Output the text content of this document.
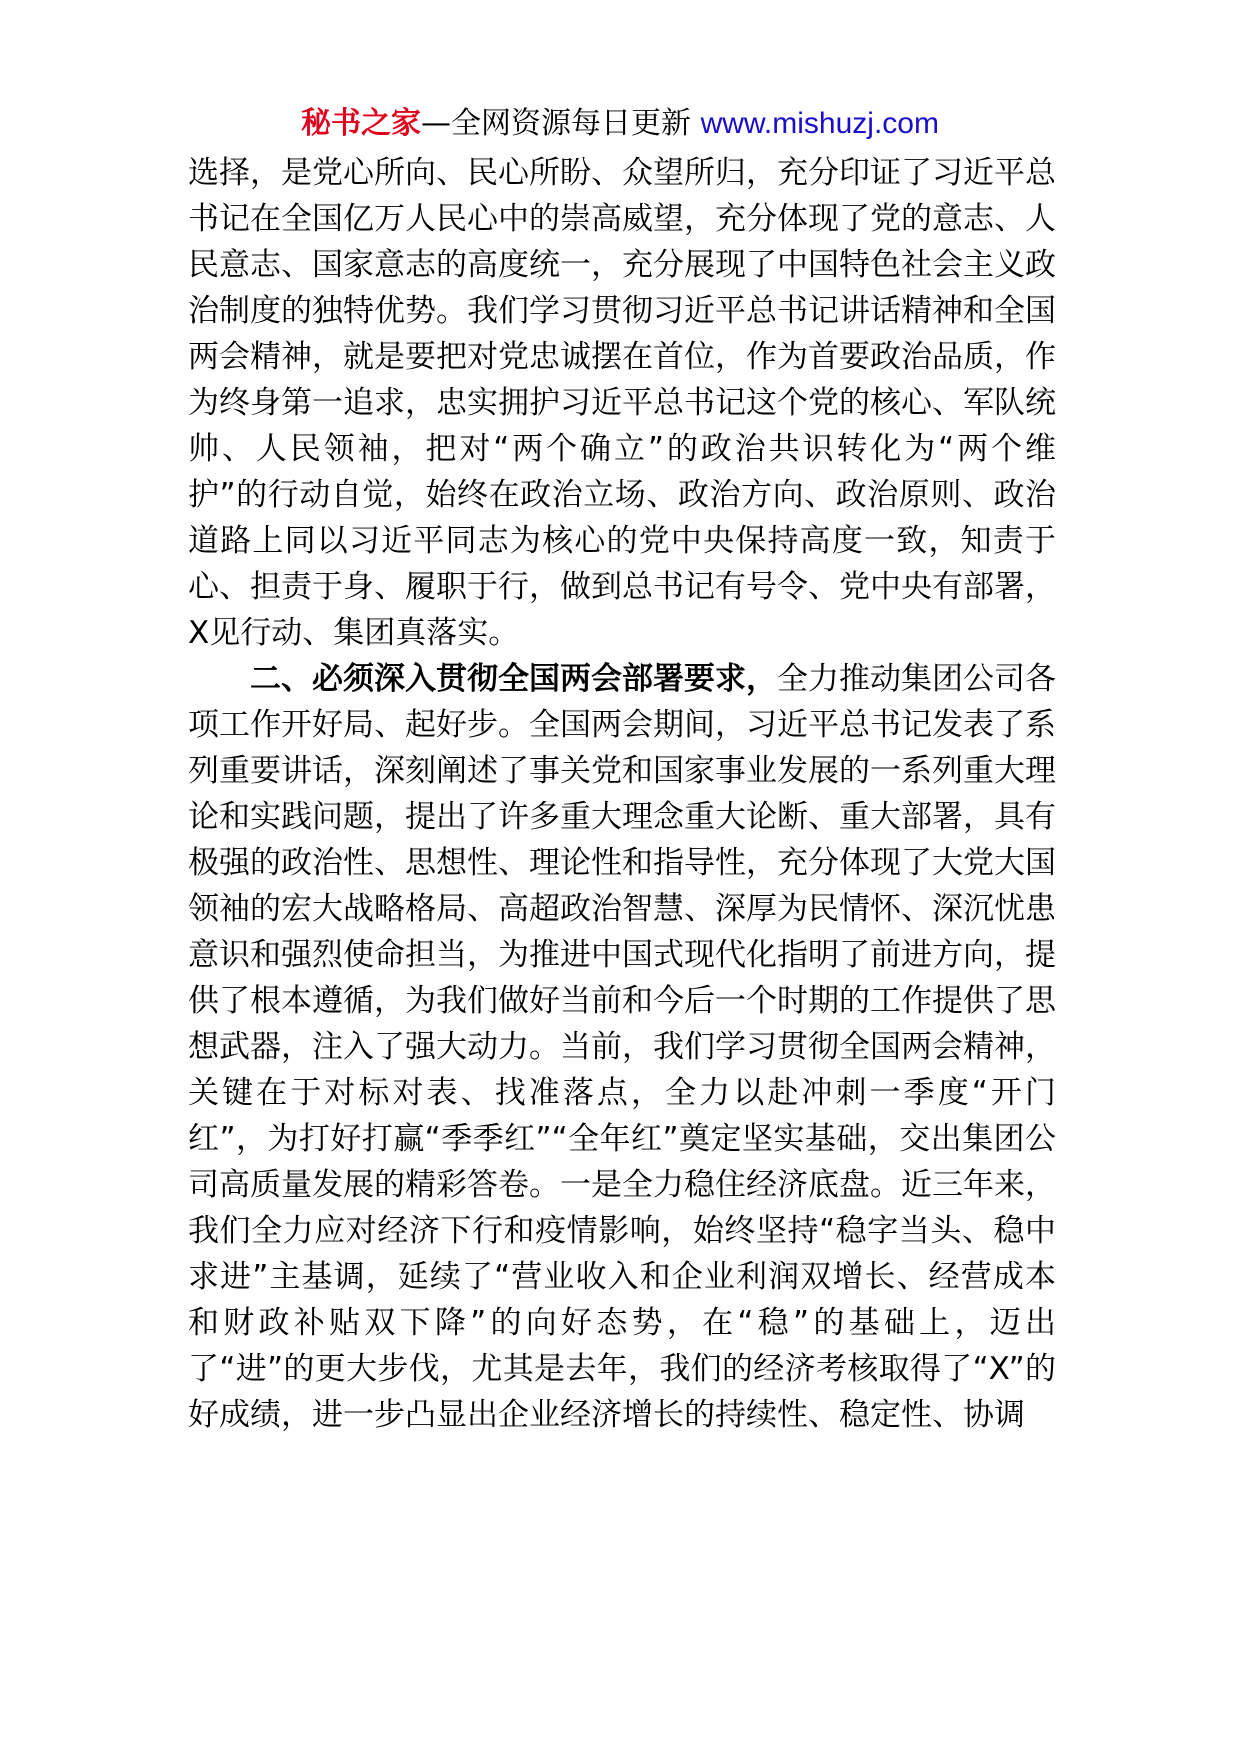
秘书之家—全网资源每日更新 www.mishuzj.com

选择，是党心所向、民心所盼、众望所归，充分印证了习近平总书记在全国亿万人民心中的崇高威望，充分体现了党的意志、人民意志、国家意志的高度统一，充分展现了中国特色社会主义政治制度的独特优势。我们学习贯彻习近平总书记讲话精神和全国两会精神，就是要把对党忠诚摆在首位，作为首要政治品质，作为终身第一追求，忠实拥护习近平总书记这个党的核心、军队统帅、人民领袖，把对“两个确立”的政治共识转化为“两个维护”的行动自觉，始终在政治立场、政治方向、政治原则、政治道路上同以习近平同志为核心的党中央保持高度一致，知责于心、担责于身、履职于行，做到总书记有号令、党中央有部署，X见行动、集团真落实。

二、必须深入贯彻全国两会部署要求，全力推动集团公司各项工作开好局、起好步。全国两会期间，习近平总书记发表了系列重要讲话，深刻阐述了事关党和国家事业发展的一系列重大理论和实践问题，提出了许多重大理念重大论断、重大部署，具有极强的政治性、思想性、理论性和指导性，充分体现了大党大国领袖的宏大战略格局、高超政治智慧、深厚为民情怀、深沉忧患意识和强烈使命担当，为推进中国式现代化指明了前进方向，提供了根本遵循，为我们做好当前和今后一个时期的工作提供了思想武器，注入了强大动力。当前，我们学习贯彻全国两会精神，关键在于对标对表、找准落点，全力以赴冲刺一季度“开门红”，为打好打赢“季季红”“全年红”奠定坚实基础，交出集团公司高质量发展的精彩答卷。一是全力稳住经济底盘。近三年来，我们全力应对经济下行和疫情影响，始终坚持“稳字当头、稳中求进”主基调，延续了“营业收入和企业利润双增长、经营成本和财政补贴双下降”的向好态势，在“稳”的基础上，迈出了“进”的更大步伐，尤其是去年，我们的经济考核取得了“X”的好成绩，进一步凸显出企业经济增长的持续性、稳定性、协调
